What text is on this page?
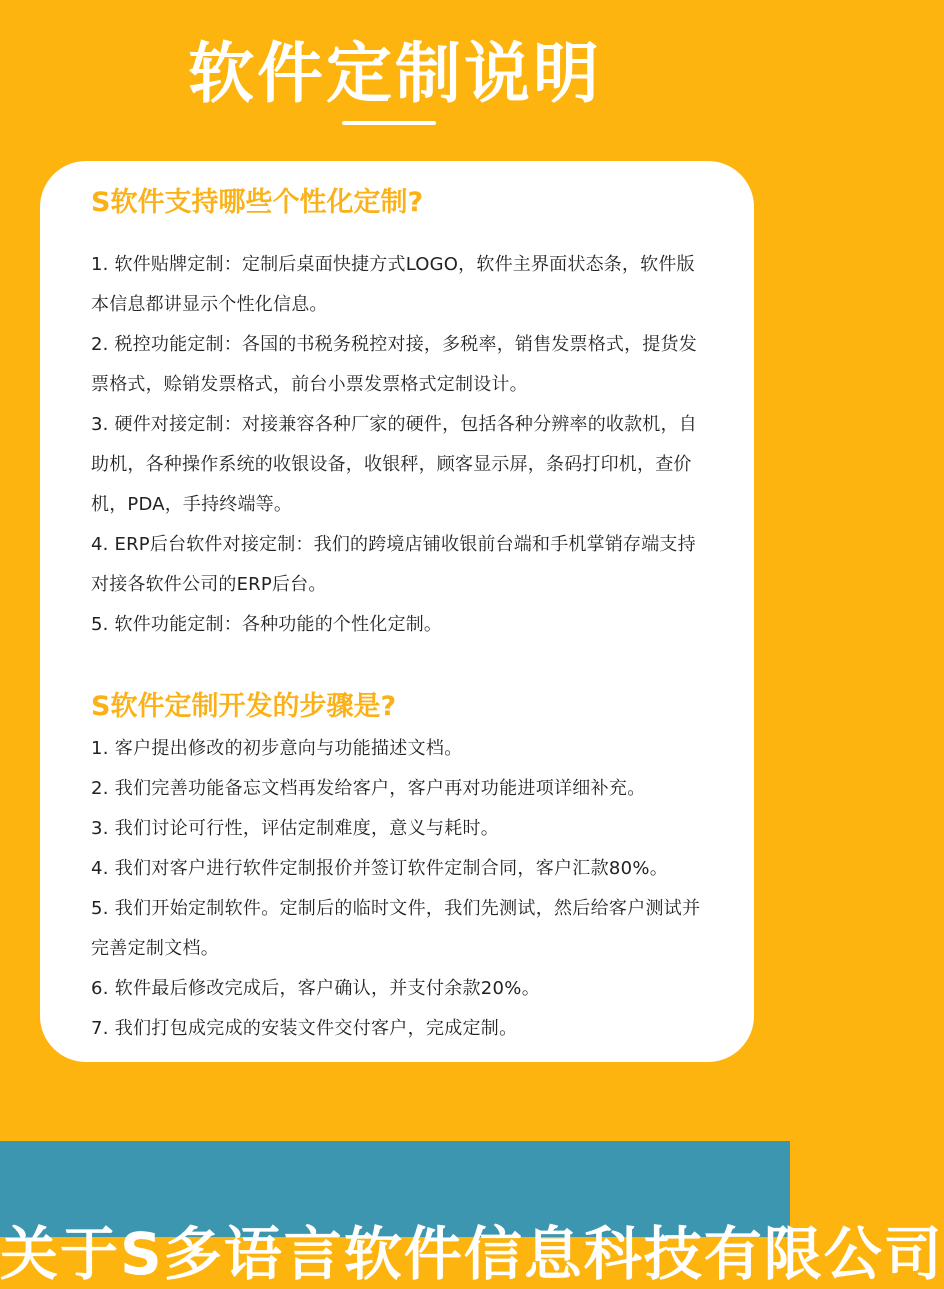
软件定制说明
S软件支持哪些个性化定制?
1. 软件贴牌定制：定制后桌面快捷方式LOGO，软件主界面状态条，软件版本信息都讲显示个性化信息。
2. 税控功能定制：各国的书税务税控对接，多税率，销售发票格式，提货发票格式，赊销发票格式，前台小票发票格式定制设计。
3. 硬件对接定制：对接兼容各种厂家的硬件，包括各种分辨率的收款机，自助机，各种操作系统的收银设备，收银秤，顾客显示屏，条码打印机，查价机，PDA，手持终端等。
4. ERP后台软件对接定制：我们的跨境店铺收银前台端和手机掌销存端支持对接各软件公司的ERP后台。
5. 软件功能定制：各种功能的个性化定制。
S软件定制开发的步骤是?
1. 客户提出修改的初步意向与功能描述文档。
2. 我们完善功能备忘文档再发给客户，客户再对功能进项详细补充。
3. 我们讨论可行性，评估定制难度，意义与耗时。
4. 我们对客户进行软件定制报价并签订软件定制合同，客户汇款80%。
5. 我们开始定制软件。定制后的临时文件，我们先测试，然后给客户测试并完善定制文档。
6. 软件最后修改完成后，客户确认，并支付余款20%。
7. 我们打包成完成的安装文件交付客户，完成定制。
关于S多语言软件信息科技有限公司
